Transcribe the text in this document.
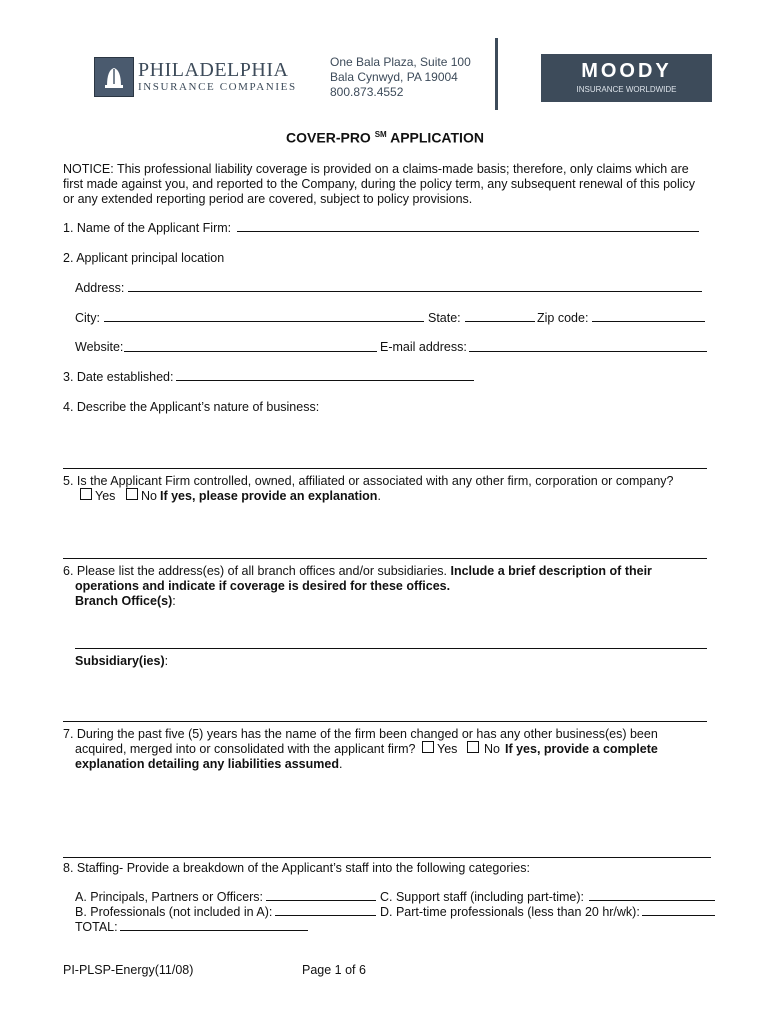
PHILADELPHIA
INSURANCE COMPANIES
One Bala Plaza, Suite 100
Bala Cynwyd, PA 19004
800.873.4552
MOODY
INSURANCE WORLDWIDE
COVER-PRO ℠ APPLICATION
NOTICE: This professional liability coverage is provided on a claims-made basis; therefore, only claims which are
first made against you, and reported to the Company, during the policy term, any subsequent renewal of this policy
or any extended reporting period are covered, subject to policy provisions.
1. Name of the Applicant Firm:
2. Applicant principal location
Address:
City:	State:	Zip code:
Website:	E-mail address:
3. Date established:
4. Describe the Applicant’s nature of business:
5. Is the Applicant Firm controlled, owned, affiliated or associated with any other firm, corporation or company?
Yes No If yes, please provide an explanation.
6. Please list the address(es) of all branch offices and/or subsidiaries. Include a brief description of their
operations and indicate if coverage is desired for these offices.
Branch Office(s):
Subsidiary(ies):
7. During the past five (5) years has the name of the firm been changed or has any other business(es) been
acquired, merged into or consolidated with the applicant firm? Yes No If yes, provide a complete
explanation detailing any liabilities assumed.
8. Staffing- Provide a breakdown of the Applicant’s staff into the following categories:
A. Principals, Partners or Officers:	C. Support staff (including part-time):
B. Professionals (not included in A):	D. Part-time professionals (less than 20 hr/wk):
TOTAL:
PI-PLSP-Energy(11/08)	Page 1 of 6
